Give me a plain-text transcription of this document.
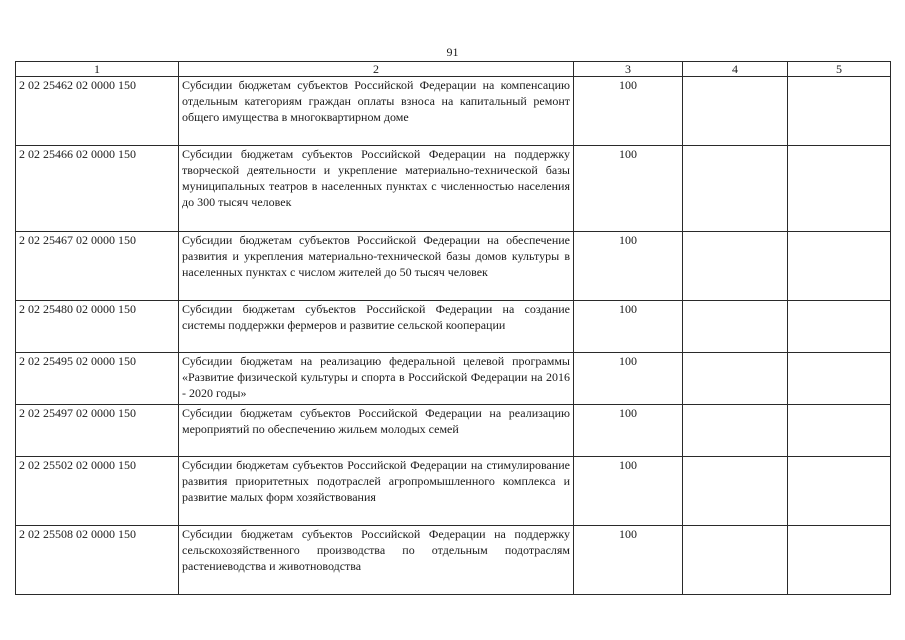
91
1	2	3	4	5
2 02 25462 02 0000 150	Субсидии бюджетам субъектов Российской Федерации на компенсацию отдельным категориям граждан оплаты взноса на капитальный ремонт общего имущества в многоквартирном доме	100		
2 02 25466 02 0000 150	Субсидии бюджетам субъектов Российской Федерации на поддержку творческой деятельности и укрепление материально-технической базы муниципальных театров в населенных пунктах с численностью населения до 300 тысяч человек	100		
2 02 25467 02 0000 150	Субсидии бюджетам субъектов Российской Федерации на обеспечение развития и укрепления материально-технической базы домов культуры в населенных пунктах с числом жителей до 50 тысяч человек	100		
2 02 25480 02 0000 150	Субсидии бюджетам субъектов Российской Федерации на создание системы поддержки фермеров и развитие сельской кооперации	100		
2 02 25495 02 0000 150	Субсидии бюджетам на реализацию федеральной целевой программы «Развитие физической культуры и спорта в Российской Федерации на 2016 - 2020 годы»	100		
2 02 25497 02 0000 150	Субсидии бюджетам субъектов Российской Федерации на реализацию мероприятий по обеспечению жильем молодых семей	100		
2 02 25502 02 0000 150	Субсидии бюджетам субъектов Российской Федерации на стимулирование развития приоритетных подотраслей агропромышленного комплекса и развитие малых форм хозяйствования	100		
2 02 25508 02 0000 150	Субсидии бюджетам субъектов Российской Федерации на поддержку сельскохозяйственного производства по отдельным подотраслям растениеводства и животноводства	100		
